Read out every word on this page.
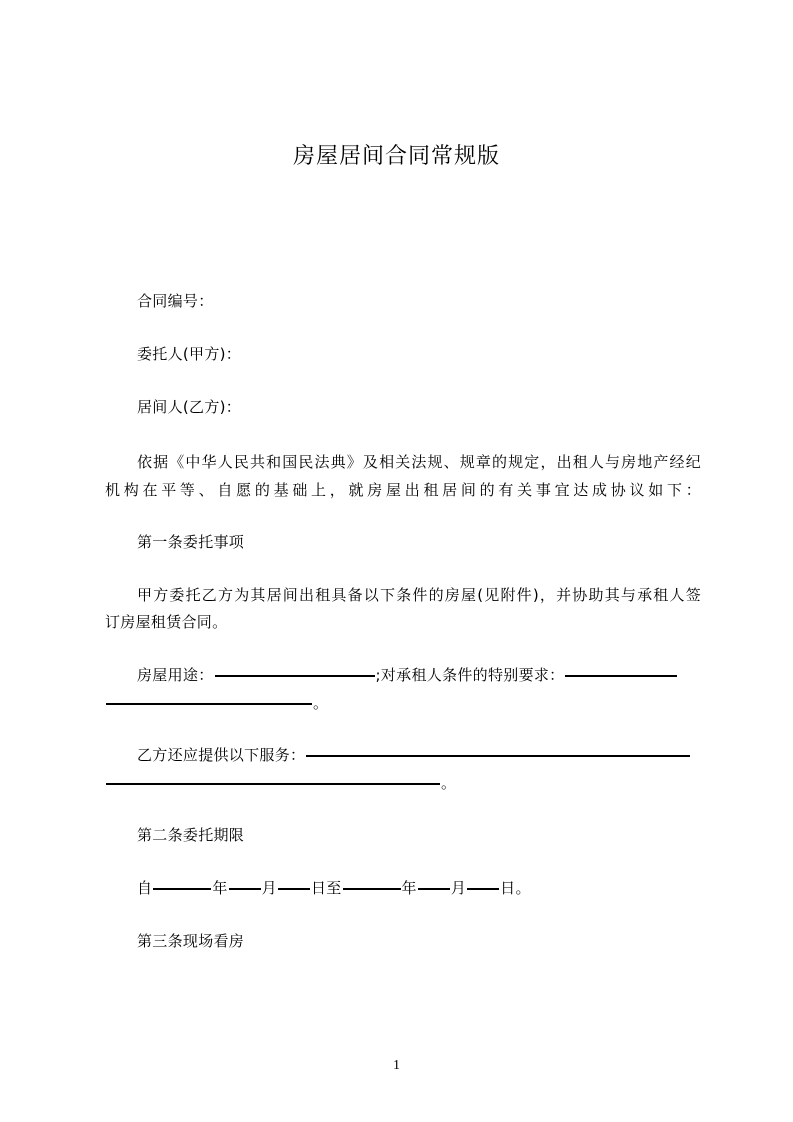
房屋居间合同常规版
合同编号：
委托人(甲方)：
居间人(乙方)：
依据《中华人民共和国民法典》及相关法规、规章的规定，出租人与房地产经纪
机构在平等、自愿的基础上，就房屋出租居间的有关事宜达成协议如下：
第一条委托事项
甲方委托乙方为其居间出租具备以下条件的房屋(见附件)，并协助其与承租人签
订房屋租赁合同。
房屋用途：	;对承租人条件的特别要求：
。
乙方还应提供以下服务：
。
第二条委托期限
自	年 月 日至	年 月 日。
第三条现场看房
1
